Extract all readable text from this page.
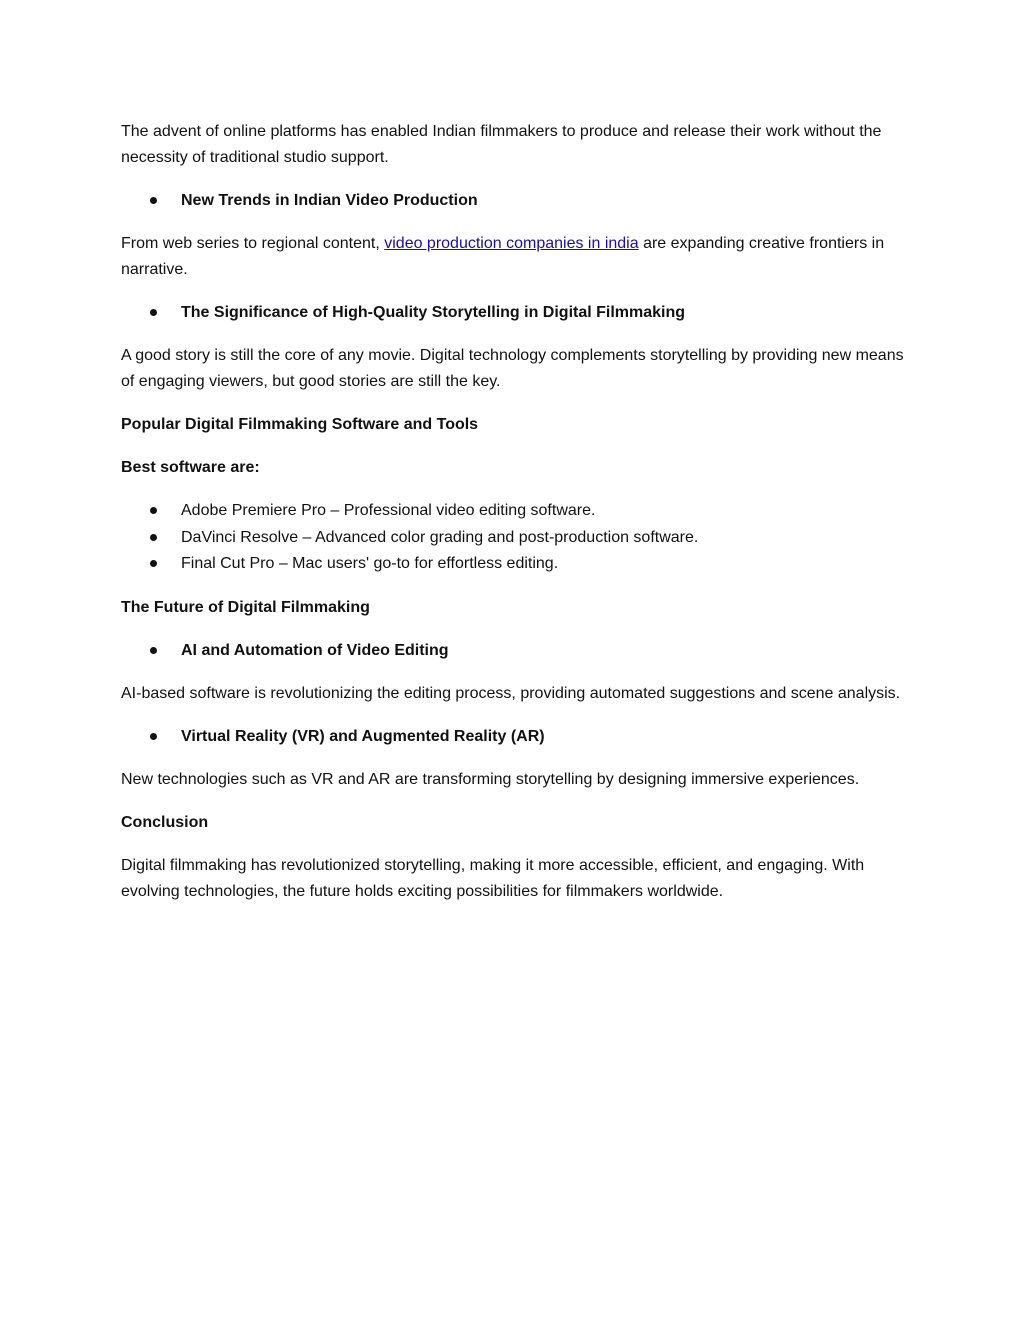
The advent of online platforms has enabled Indian filmmakers to produce and release their work without the necessity of traditional studio support.

New Trends in Indian Video Production

From web series to regional content, video production companies in india are expanding creative frontiers in narrative.

The Significance of High-Quality Storytelling in Digital Filmmaking

A good story is still the core of any movie. Digital technology complements storytelling by providing new means of engaging viewers, but good stories are still the key.

Popular Digital Filmmaking Software and Tools

Best software are:

Adobe Premiere Pro – Professional video editing software.
DaVinci Resolve – Advanced color grading and post-production software.
Final Cut Pro – Mac users' go-to for effortless editing.

The Future of Digital Filmmaking

AI and Automation of Video Editing

AI-based software is revolutionizing the editing process, providing automated suggestions and scene analysis.

Virtual Reality (VR) and Augmented Reality (AR)

New technologies such as VR and AR are transforming storytelling by designing immersive experiences.

Conclusion

Digital filmmaking has revolutionized storytelling, making it more accessible, efficient, and engaging. With evolving technologies, the future holds exciting possibilities for filmmakers worldwide.
